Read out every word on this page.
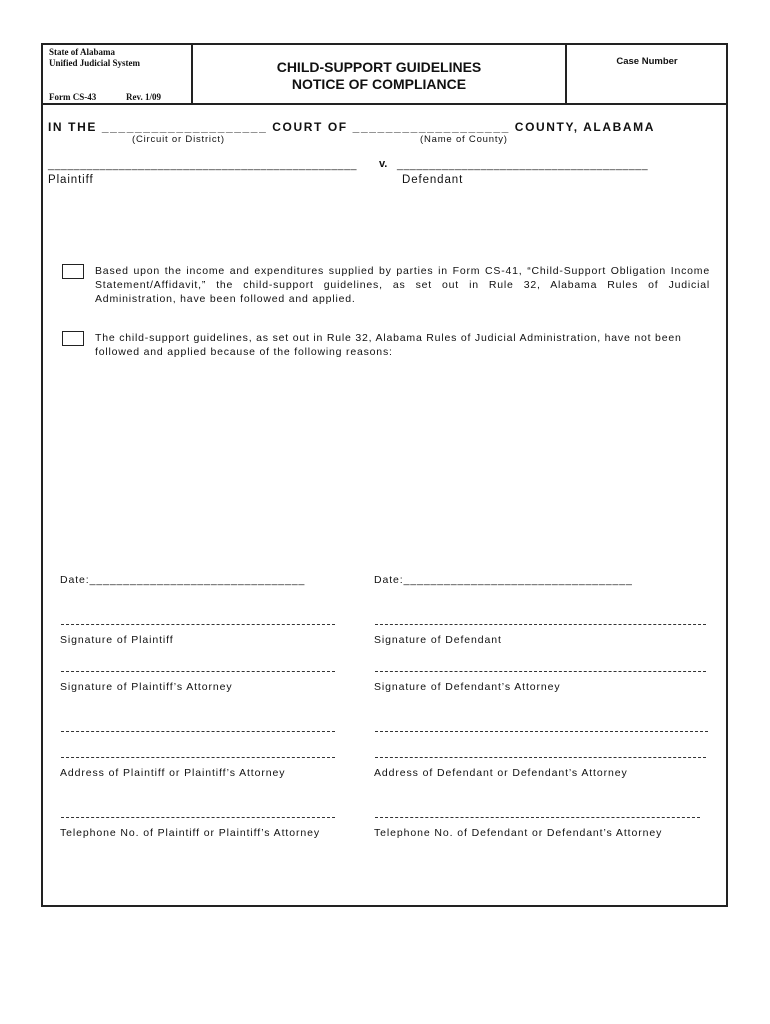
State of Alabama
Unified Judicial System
Form CS-43	Rev. 1/09
CHILD-SUPPORT GUIDELINES
NOTICE OF COMPLIANCE
Case Number
IN THE ____________________ COURT OF ___________________ COUNTY, ALABAMA
(Circuit or District)	(Name of County)
________________________________________________ v. _______________________________________
Plaintiff	Defendant
Based upon the income and expenditures supplied by parties in Form CS-41, “Child-Support Obligation Income Statement/Affidavit,” the child-support guidelines, as set out in Rule 32, Alabama Rules of Judicial Administration, have been followed and applied.
The child-support guidelines, as set out in Rule 32, Alabama Rules of Judicial Administration, have not been followed and applied because of the following reasons:
Date:________________________________	Date:__________________________________
Signature of Plaintiff	Signature of Defendant
Signature of Plaintiff’s Attorney	Signature of Defendant’s Attorney
Address of Plaintiff or Plaintiff’s Attorney	Address of Defendant or Defendant’s Attorney
Telephone No. of Plaintiff or Plaintiff’s Attorney	Telephone No. of Defendant or Defendant’s Attorney
